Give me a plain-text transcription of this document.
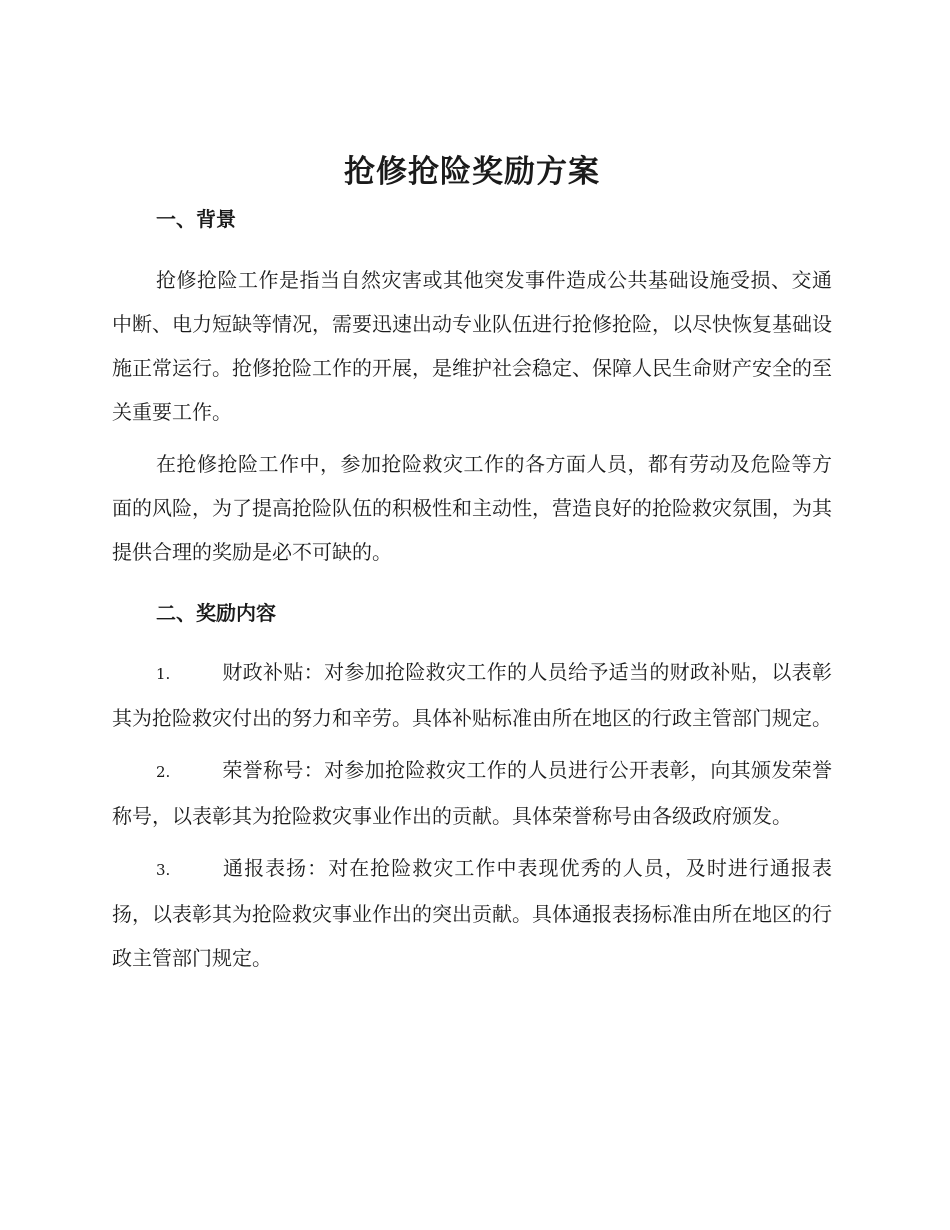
抢修抢险奖励方案
一、背景

抢修抢险工作是指当自然灾害或其他突发事件造成公共基础设施受损、交通中断、电力短缺等情况，需要迅速出动专业队伍进行抢修抢险，以尽快恢复基础设施正常运行。抢修抢险工作的开展，是维护社会稳定、保障人民生命财产安全的至关重要工作。

在抢修抢险工作中，参加抢险救灾工作的各方面人员，都有劳动及危险等方面的风险，为了提高抢险队伍的积极性和主动性，营造良好的抢险救灾氛围，为其提供合理的奖励是必不可缺的。

二、奖励内容

1.	财政补贴：对参加抢险救灾工作的人员给予适当的财政补贴，以表彰其为抢险救灾付出的努力和辛劳。具体补贴标准由所在地区的行政主管部门规定。

2.	荣誉称号：对参加抢险救灾工作的人员进行公开表彰，向其颁发荣誉称号，以表彰其为抢险救灾事业作出的贡献。具体荣誉称号由各级政府颁发。

3.	通报表扬：对在抢险救灾工作中表现优秀的人员，及时进行通报表扬，以表彰其为抢险救灾事业作出的突出贡献。具体通报表扬标准由所在地区的行政主管部门规定。
